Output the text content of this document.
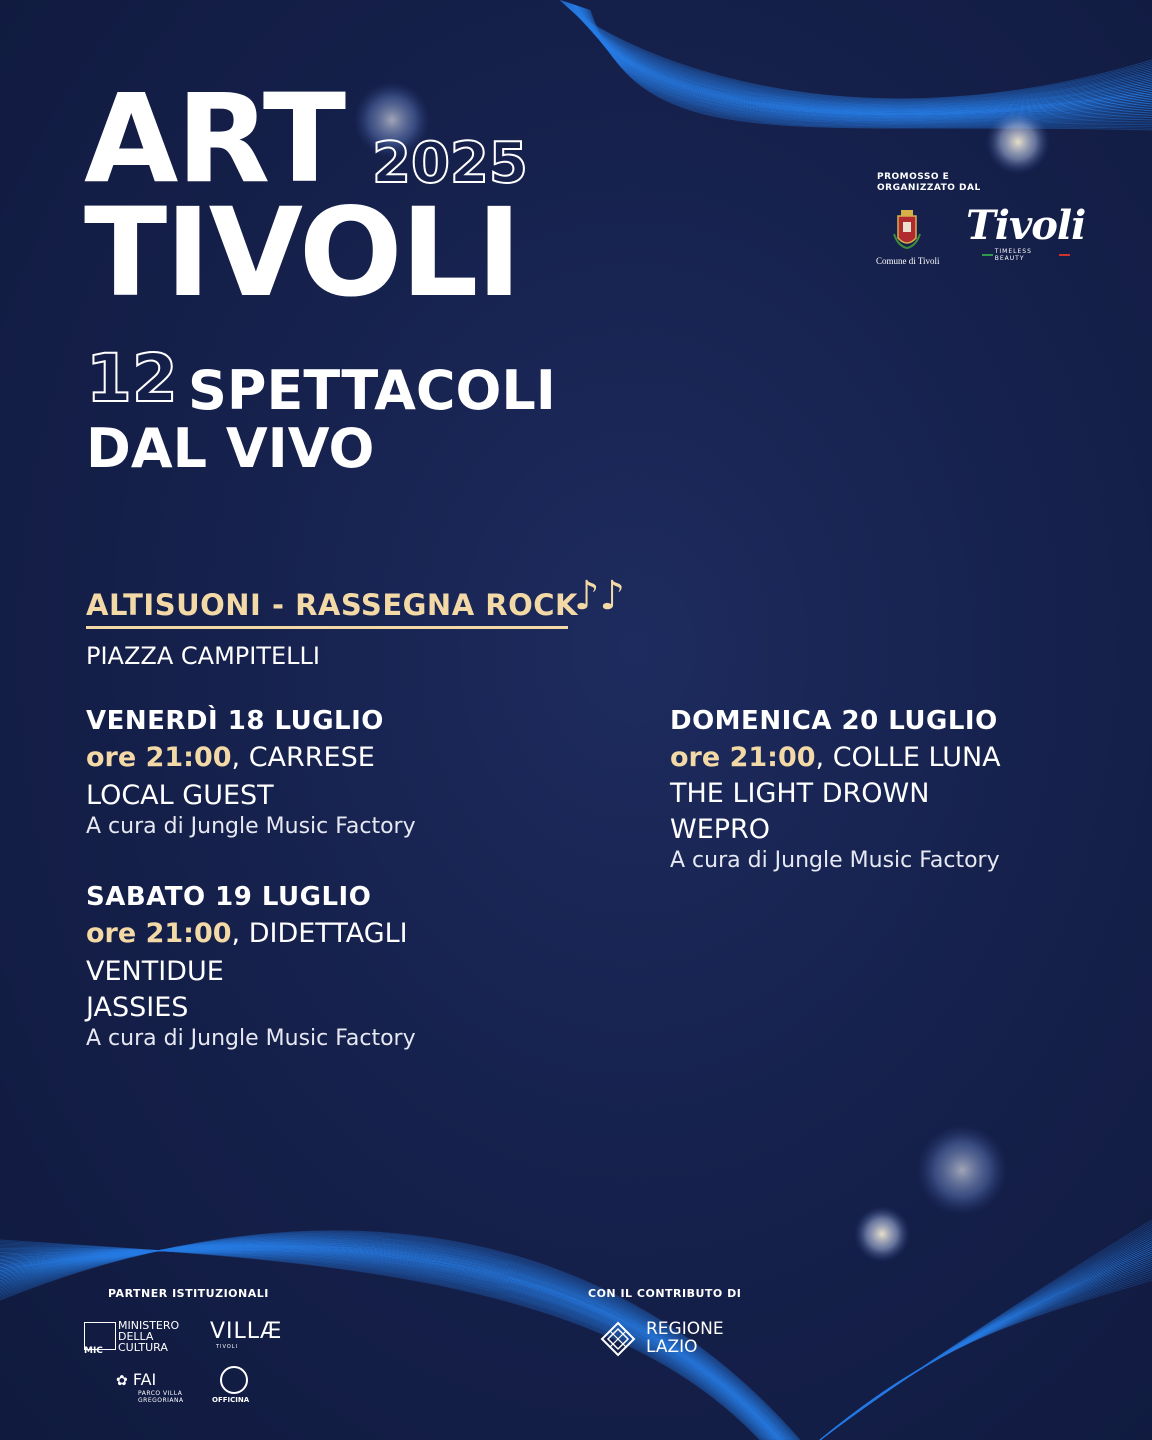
ART 2025
TIVOLI
12 SPETTACOLI
DAL VIVO
PROMOSSO E
ORGANIZZATO DAL
Comune di Tivoli
Tivoli
TIMELESS BEAUTY
ALTISUONI - RASSEGNA ROCK
♪♪
PIAZZA CAMPITELLI
VENERDÌ 18 LUGLIO
ore 21:00, CARRESE
LOCAL GUEST
A cura di Jungle Music Factory
SABATO 19 LUGLIO
ore 21:00, DIDETTAGLI
VENTIDUE
JASSIES
A cura di Jungle Music Factory
DOMENICA 20 LUGLIO
ore 21:00, COLLE LUNA
THE LIGHT DROWN
WEPRO
A cura di Jungle Music Factory
PARTNER ISTITUZIONALI
MIC
MINISTERO
DELLA
CULTURA
VILLÆ
TIVOLI
✿ FAI
PARCO VILLA
GREGORIANA	OFFICINA
CON IL CONTRIBUTO DI
REGIONE
LAZIO
